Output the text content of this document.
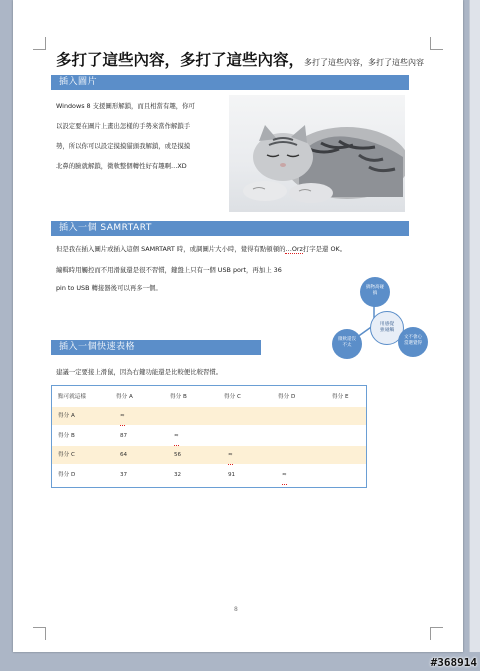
多打了這些內容，多打了這些內容，多打了這些內容，多打了這些內容
插入圖片
Windows 8 支援圖形解鎖，而且相當有趣，你可
以設定要在圖片上畫出怎樣的手勢來當作解鎖手
勢，所以你可以設定摸摸貓頭我解鎖，或是摸摸
北鼻的臉就解鎖，微軟整個轉性好有趣啊…XD
插入一個 SAMRTART
但是我在插入圖片或插入這個 SAMRTART 時，或調圖片大小時，覺得有點頓頓的…Orz打字是還 OK。
編輯時用觸控而不用滑鼠還是很不習慣，鍵盤上只有一個 USB port，再加上 36
pin to USB 轉接器後可以再多一個。	搞物高碰
搞
用感覺
強碰觸
微軟還沒
不太
文不會心
當選覺得
插入一個快速表格
建議一定要接上滑鼠，因為右鍵功能還是比較便比較習慣。
點可就這樣	得分 A	得分 B	得分 C	得分 D	得分 E
得分 A	≈
得分 B	87	≈
得分 C	64	56	≈
得分 D	37	32	91	≈
8
#368914
